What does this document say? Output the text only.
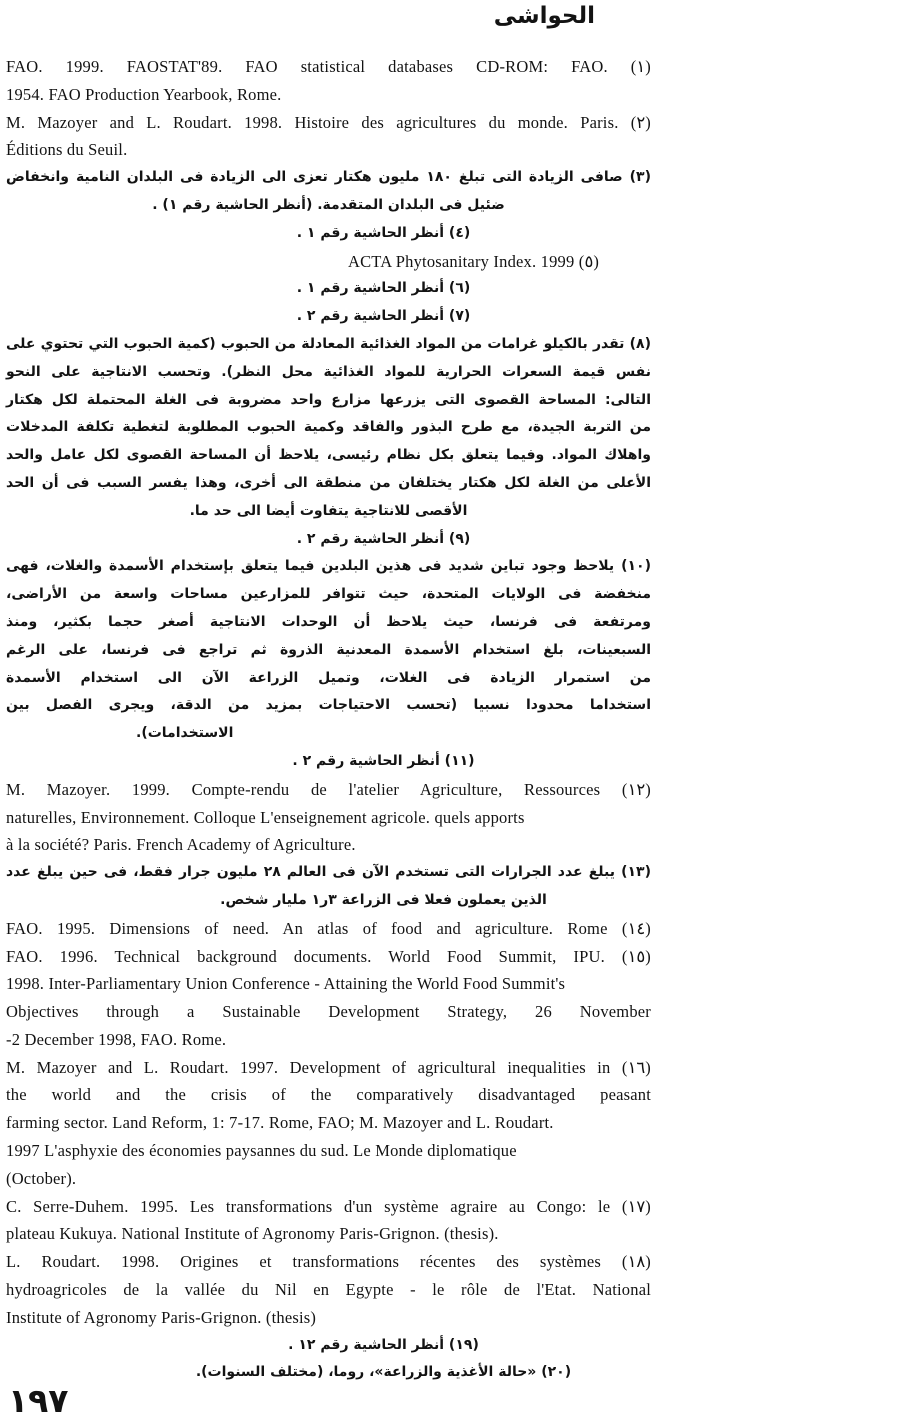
الحواشى
FAO. 1999. FAOSTAT'89. FAO statistical databases CD-ROM: FAO. (١)
1954. FAO Production Yearbook, Rome.
M. Mazoyer and L. Roudart. 1998. Histoire des agricultures du monde. Paris. (٢)
Éditions du Seuil.
(٣) صافى الزيادة التى تبلغ ١٨٠ مليون هكتار تعزى الى الزيادة فى البلدان النامية وانخفاض
ضئيل فى البلدان المتقدمة. (أنظر الحاشية رقم ١) .
(٤) أنظر الحاشية رقم ١ .
ACTA Phytosanitary Index. 1999 (٥)
(٦) أنظر الحاشية رقم ١ .
(٧) أنظر الحاشية رقم ٢ .
(٨) تقدر بالكيلو غرامات من المواد الغذائية المعادلة من الحبوب (كمية الحبوب التي تحتوي على
نفس قيمة السعرات الحرارية للمواد الغذائية محل النظر). وتحسب الانتاجية على النحو
التالى: المساحة القصوى التى يزرعها مزارع واحد مضروبة فى الغلة المحتملة لكل هكتار
من التربة الجيدة، مع طرح البذور والفاقد وكمية الحبوب المطلوبة لتغطية تكلفة المدخلات
واهلاك المواد. وفيما يتعلق بكل نظام رئيسى، يلاحظ أن المساحة القصوى لكل عامل والحد
الأعلى من الغلة لكل هكتار يختلفان من منطقة الى أخرى، وهذا يفسر السبب فى أن الحد
الأقصى للانتاجية يتفاوت أيضا الى حد ما.
(٩) أنظر الحاشية رقم ٢ .
(١٠) يلاحظ وجود تباين شديد فى هذين البلدين فيما يتعلق بإستخدام الأسمدة والغلات، فهى
منخفضة فى الولايات المتحدة، حيث تتوافر للمزارعين مساحات واسعة من الأراضى،
ومرتفعة فى فرنسا، حيث يلاحظ أن الوحدات الانتاجية أصغر حجما بكثير، ومنذ
السبعينات، بلغ استخدام الأسمدة المعدنية الذروة ثم تراجع فى فرنسا، على الرغم
من استمرار الزيادة فى الغلات، وتميل الزراعة الآن الى استخدام الأسمدة
استخداما محدودا نسبيا (تحسب الاحتياجات بمزيد من الدقة، ويجرى الفصل بين
الاستخدامات).
(١١) أنظر الحاشية رقم ٢ .
M. Mazoyer. 1999. Compte-rendu de l'atelier Agriculture, Ressources (١٢)
naturelles, Environnement. Colloque L'enseignement agricole. quels apports
à la société? Paris. French Academy of Agriculture.
(١٣) يبلغ عدد الجرارات التى تستخدم الآن فى العالم ٢٨ مليون جرار فقط، فى حين يبلغ عدد
الذين يعملون فعلا فى الزراعة ٣ر١ مليار شخص.
FAO. 1995. Dimensions of need. An atlas of food and agriculture. Rome (١٤)
FAO. 1996. Technical background documents. World Food Summit, IPU. (١٥)
1998. Inter-Parliamentary Union Conference - Attaining the World Food Summit's
Objectives through a Sustainable Development Strategy, 26 November
-2 December 1998, FAO. Rome.
M. Mazoyer and L. Roudart. 1997. Development of agricultural inequalities in (١٦)
the world and the crisis of the comparatively disadvantaged peasant
farming sector. Land Reform, 1: 7-17. Rome, FAO; M. Mazoyer and L. Roudart.
1997 L'asphyxie des économies paysannes du sud. Le Monde diplomatique
(October).
C. Serre-Duhem. 1995. Les transformations d'un système agraire au Congo: le (١٧)
plateau Kukuya. National Institute of Agronomy Paris-Grignon. (thesis).
L. Roudart. 1998. Origines et transformations récentes des systèmes (١٨)
hydroagricoles de la vallée du Nil en Egypte - le rôle de l'Etat. National
Institute of Agronomy Paris-Grignon. (thesis)
(١٩) أنظر الحاشية رقم ١٢ .
(٢٠) «حالة الأغذية والزراعة»، روما، (مختلف السنوات).
١٩٧
